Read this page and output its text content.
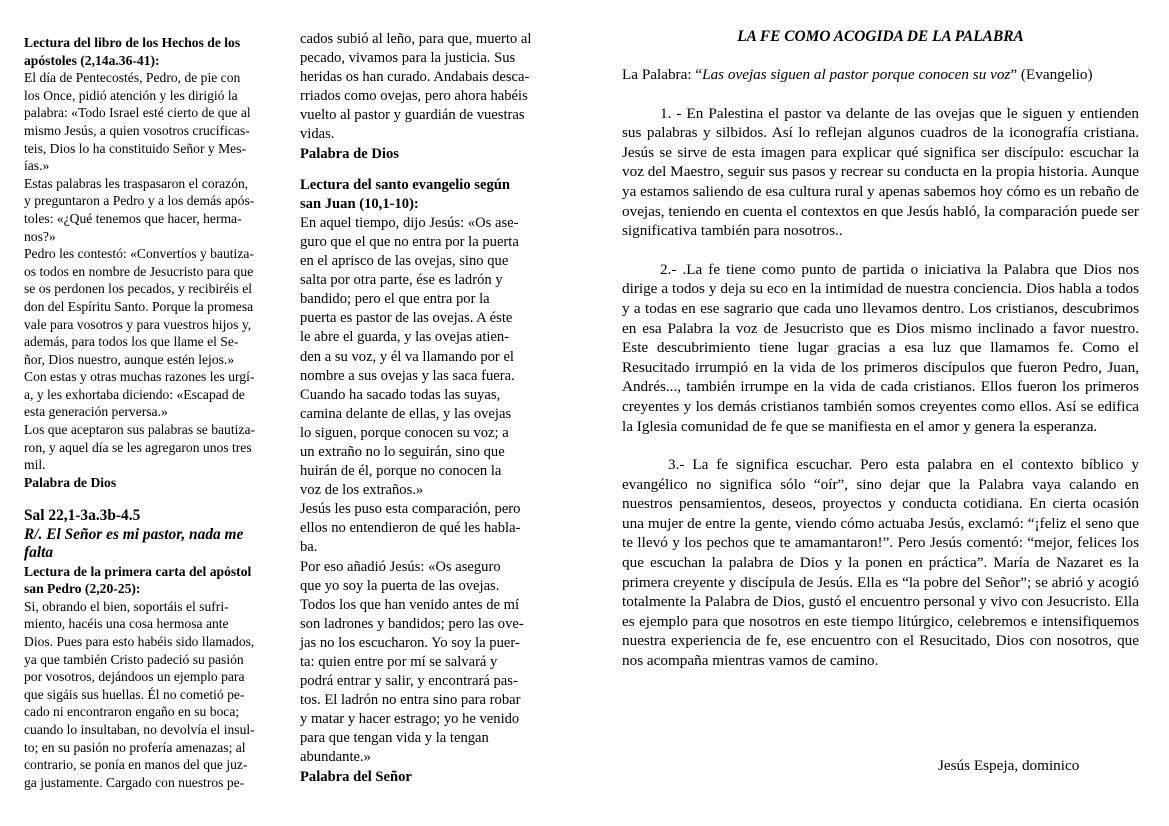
Lectura del libro de los Hechos de los
apóstoles (2,14a.36-41):
El día de Pentecostés, Pedro, de pie con
los Once, pidió atención y les dirigió la
palabra: «Todo Israel esté cierto de que al
mismo Jesús, a quien vosotros crucificas-
teis, Dios lo ha constituido Señor y Mes-
ías.»
Estas palabras les traspasaron el corazón,
y preguntaron a Pedro y a los demás após-
toles: «¿Qué tenemos que hacer, herma-
nos?»
Pedro les contestó: «Convertíos y bautiza-
os todos en nombre de Jesucristo para que
se os perdonen los pecados, y recibiréis el
don del Espíritu Santo. Porque la promesa
vale para vosotros y para vuestros hijos y,
además, para todos los que llame el Se-
ñor, Dios nuestro, aunque estén lejos.»
Con estas y otras muchas razones les urgí-
a, y les exhortaba diciendo: «Escapad de
esta generación perversa.»
Los que aceptaron sus palabras se bautiza-
ron, y aquel día se les agregaron unos tres
mil.
Palabra de Dios
Sal 22,1-3a.3b-4.5
R/. El Señor es mi pastor, nada me
falta
Lectura de la primera carta del apóstol
san Pedro (2,20-25):
Si, obrando el bien, soportáis el sufri-
miento, hacéis una cosa hermosa ante
Dios. Pues para esto habéis sido llamados,
ya que también Cristo padeció su pasión
por vosotros, dejándoos un ejemplo para
que sigáis sus huellas. Él no cometió pe-
cado ni encontraron engaño en su boca;
cuando lo insultaban, no devolvía el insul-
to; en su pasión no profería amenazas; al
contrario, se ponía en manos del que juz-
ga justamente. Cargado con nuestros pe-
cados subió al leño, para que, muerto al
pecado, vivamos para la justicia. Sus
heridas os han curado. Andabais desca-
rriados como ovejas, pero ahora habéis
vuelto al pastor y guardián de vuestras
vidas.
Palabra de Dios
Lectura del santo evangelio según
san Juan (10,1-10):
En aquel tiempo, dijo Jesús: «Os ase-
guro que el que no entra por la puerta
en el aprisco de las ovejas, sino que
salta por otra parte, ése es ladrón y
bandido; pero el que entra por la
puerta es pastor de las ovejas. A éste
le abre el guarda, y las ovejas atien-
den a su voz, y él va llamando por el
nombre a sus ovejas y las saca fuera.
Cuando ha sacado todas las suyas,
camina delante de ellas, y las ovejas
lo siguen, porque conocen su voz; a
un extraño no lo seguirán, sino que
huirán de él, porque no conocen la
voz de los extraños.»
Jesús les puso esta comparación, pero
ellos no entendieron de qué les habla-
ba.
Por eso añadió Jesús: «Os aseguro
que yo soy la puerta de las ovejas.
Todos los que han venido antes de mí
son ladrones y bandidos; pero las ove-
jas no los escucharon. Yo soy la puer-
ta: quien entre por mí se salvará y
podrá entrar y salir, y encontrará pas-
tos. El ladrón no entra sino para robar
y matar y hacer estrago; yo he venido
para que tengan vida y la tengan
abundante.»
Palabra del Señor
LA FE COMO ACOGIDA DE LA PALABRA

La Palabra: “Las ovejas siguen al pastor porque conocen su voz” (Evangelio)

1. - En Palestina el pastor va delante de las ovejas que le siguen y entienden sus palabras y silbidos. Así lo reflejan algunos cuadros de la iconografía cristiana. Jesús se sirve de esta imagen para explicar qué significa ser discípulo: escuchar la voz del Maestro, seguir sus pasos y recrear su conducta en la propia historia. Aunque ya estamos saliendo de esa cultura rural y apenas sabemos hoy cómo es un rebaño de ovejas, teniendo en cuenta el contextos en que Jesús habló, la comparación puede ser significativa también para nosotros..

2.- .La fe tiene como punto de partida o iniciativa la Palabra que Dios nos dirige a todos y deja su eco en la intimidad de nuestra conciencia. Dios habla a todos y a todas en ese sagrario que cada uno llevamos dentro. Los cristianos, descubrimos en esa Palabra la voz de Jesucristo que es Dios mismo inclinado a favor nuestro. Este descubrimiento tiene lugar gracias a esa luz que llamamos fe. Como el Resucitado irrumpió en la vida de los primeros discípulos que fueron Pedro, Juan, Andrés..., también irrumpe en la vida de cada cristianos. Ellos fueron los primeros creyentes y los demás cristianos también somos creyentes como ellos. Así se edifica la Iglesia comunidad de fe que se manifiesta en el amor y genera la esperanza.

3.- La fe significa escuchar. Pero esta palabra en el contexto bíblico y evangélico no significa sólo “oír”, sino dejar que la Palabra vaya calando en nuestros pensamientos, deseos, proyectos y conducta cotidiana. En cierta ocasión una mujer de entre la gente, viendo cómo actuaba Jesús, exclamó: “¡feliz el seno que te llevó y los pechos que te amamantaron!”. Pero Jesús comentó: “mejor, felices los que escuchan la palabra de Dios y la ponen en práctica”. María de Nazaret es la primera creyente y discípula de Jesús. Ella es “la pobre del Señor”; se abrió y acogió totalmente la Palabra de Dios, gustó el encuentro personal y vivo con Jesucristo. Ella es ejemplo para que nosotros en este tiempo litúrgico, celebremos e intensifiquemos nuestra experiencia de fe, ese encuentro con el Resucitado, Dios con nosotros, que nos acompaña mientras vamos de camino.

Jesús Espeja, dominico
